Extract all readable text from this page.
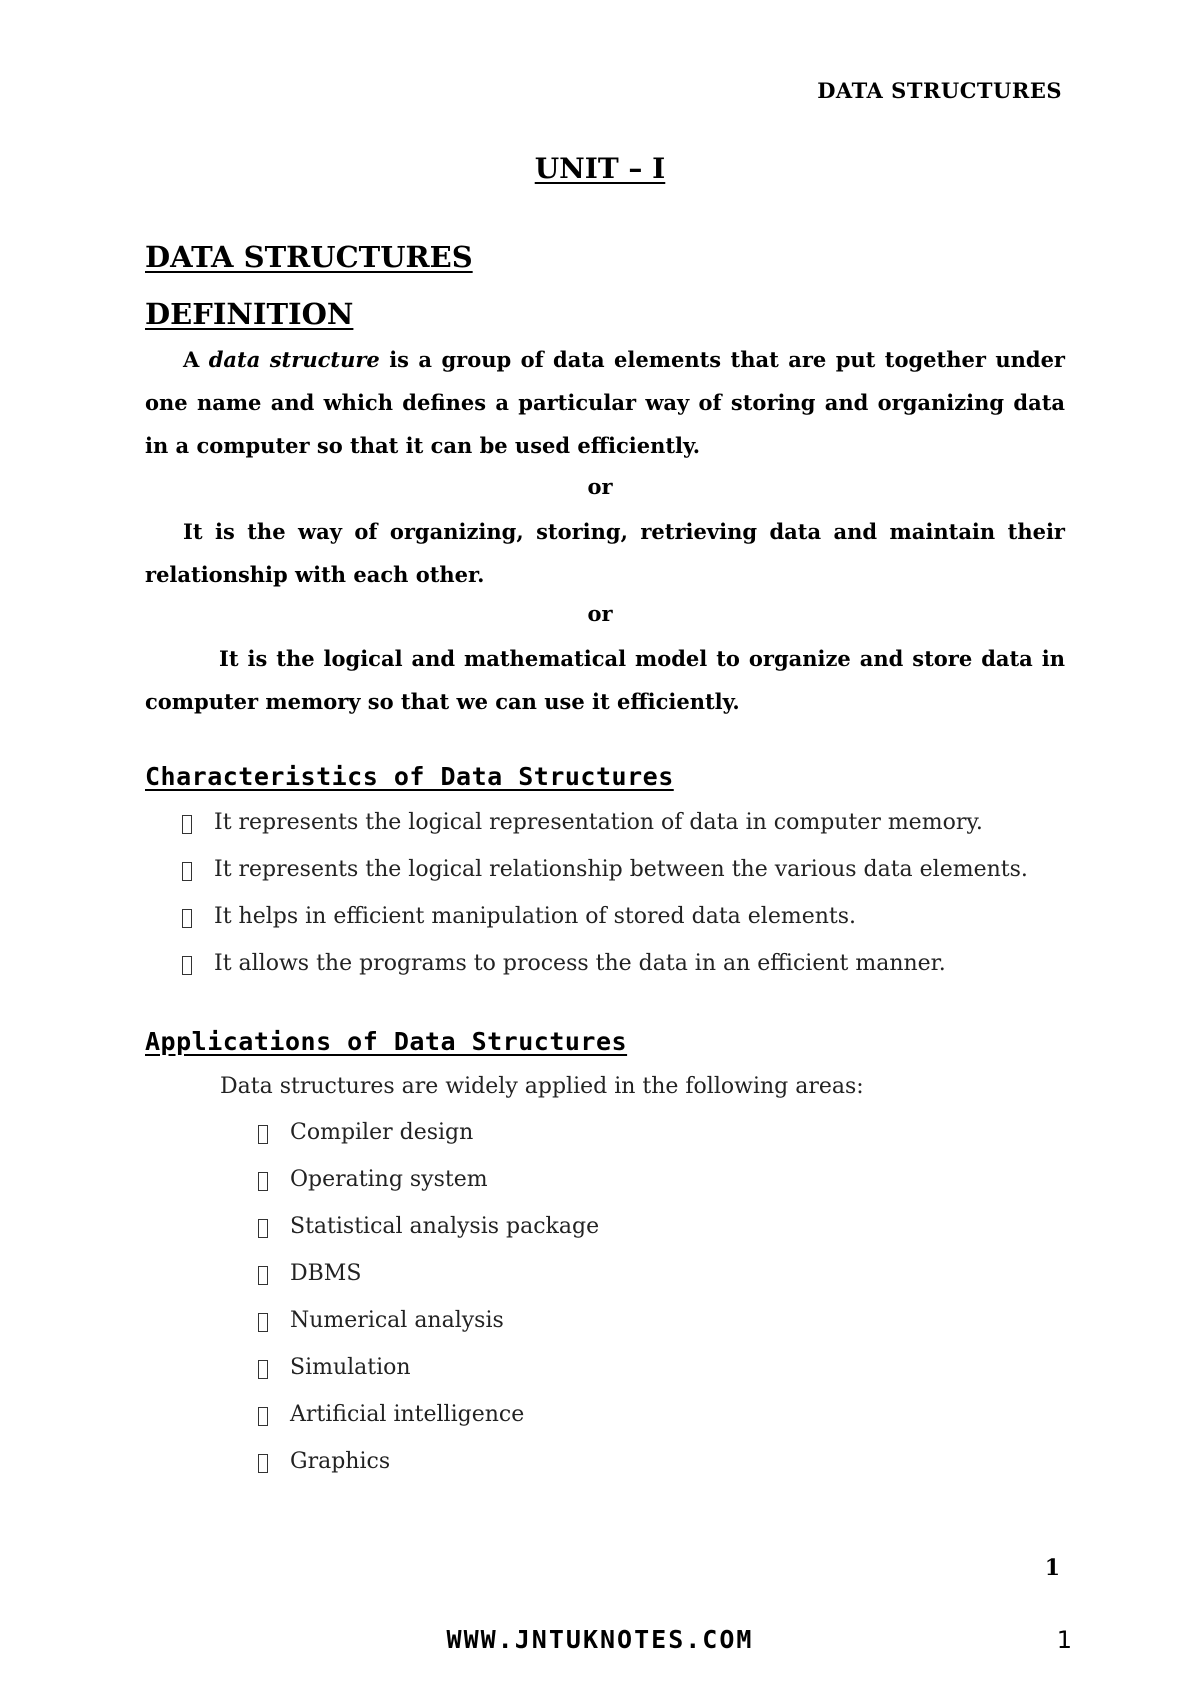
DATA STRUCTURES
UNIT – I
DATA STRUCTURES
DEFINITION
A data structure is a group of data elements that are put together under one name and which defines a particular way of storing and organizing data in a computer so that it can be used efficiently.
or
It is the way of organizing, storing, retrieving data and maintain their relationship with each other.
or
It is the logical and mathematical model to organize and store data in computer memory so that we can use it efficiently.
Characteristics of Data Structures
It represents the logical representation of data in computer memory.
It represents the logical relationship between the various data elements.
It helps in efficient manipulation of stored data elements.
It allows the programs to process the data in an efficient manner.
Applications of Data Structures
Data structures are widely applied in the following areas:
Compiler design
Operating system
Statistical analysis package
DBMS
Numerical analysis
Simulation
Artificial intelligence
Graphics
1
WWW.JNTUKNOTES.COM	1
